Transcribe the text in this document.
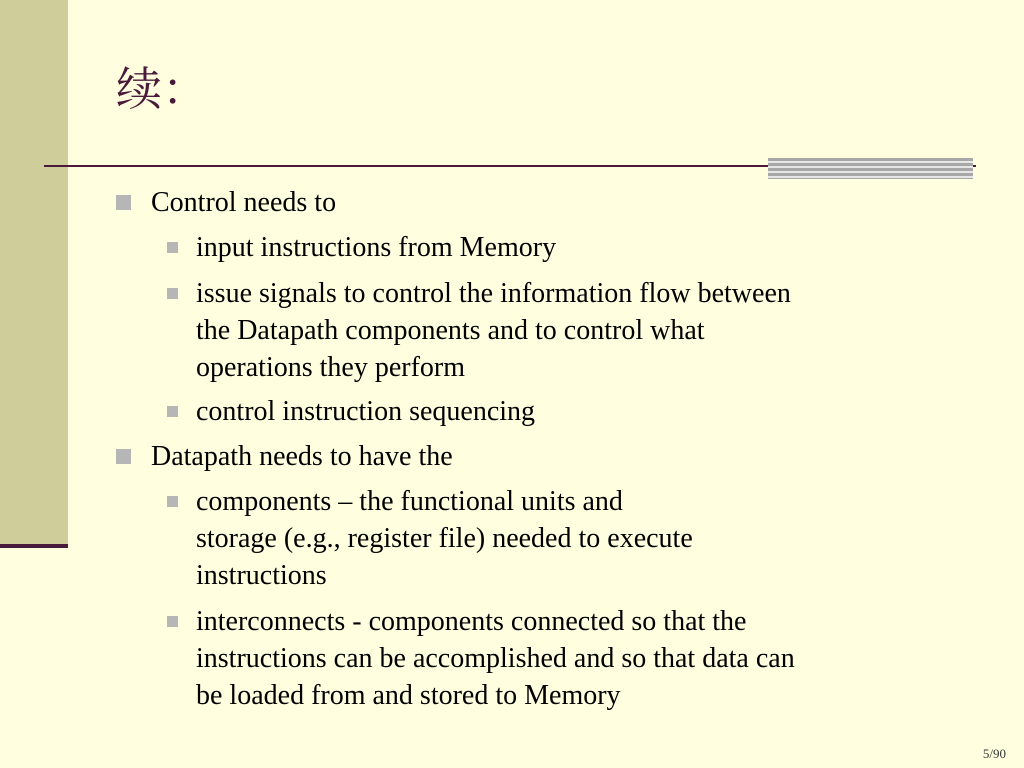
续：
Control needs to
input instructions from Memory
issue signals to control the information flow between
the Datapath components and to control what
operations they perform
control instruction sequencing
Datapath needs to have the
components – the functional units and
storage (e.g., register file) needed to execute
instructions
interconnects - components connected so that the
instructions can be accomplished and so that data can
be loaded from and stored to Memory
5/90
